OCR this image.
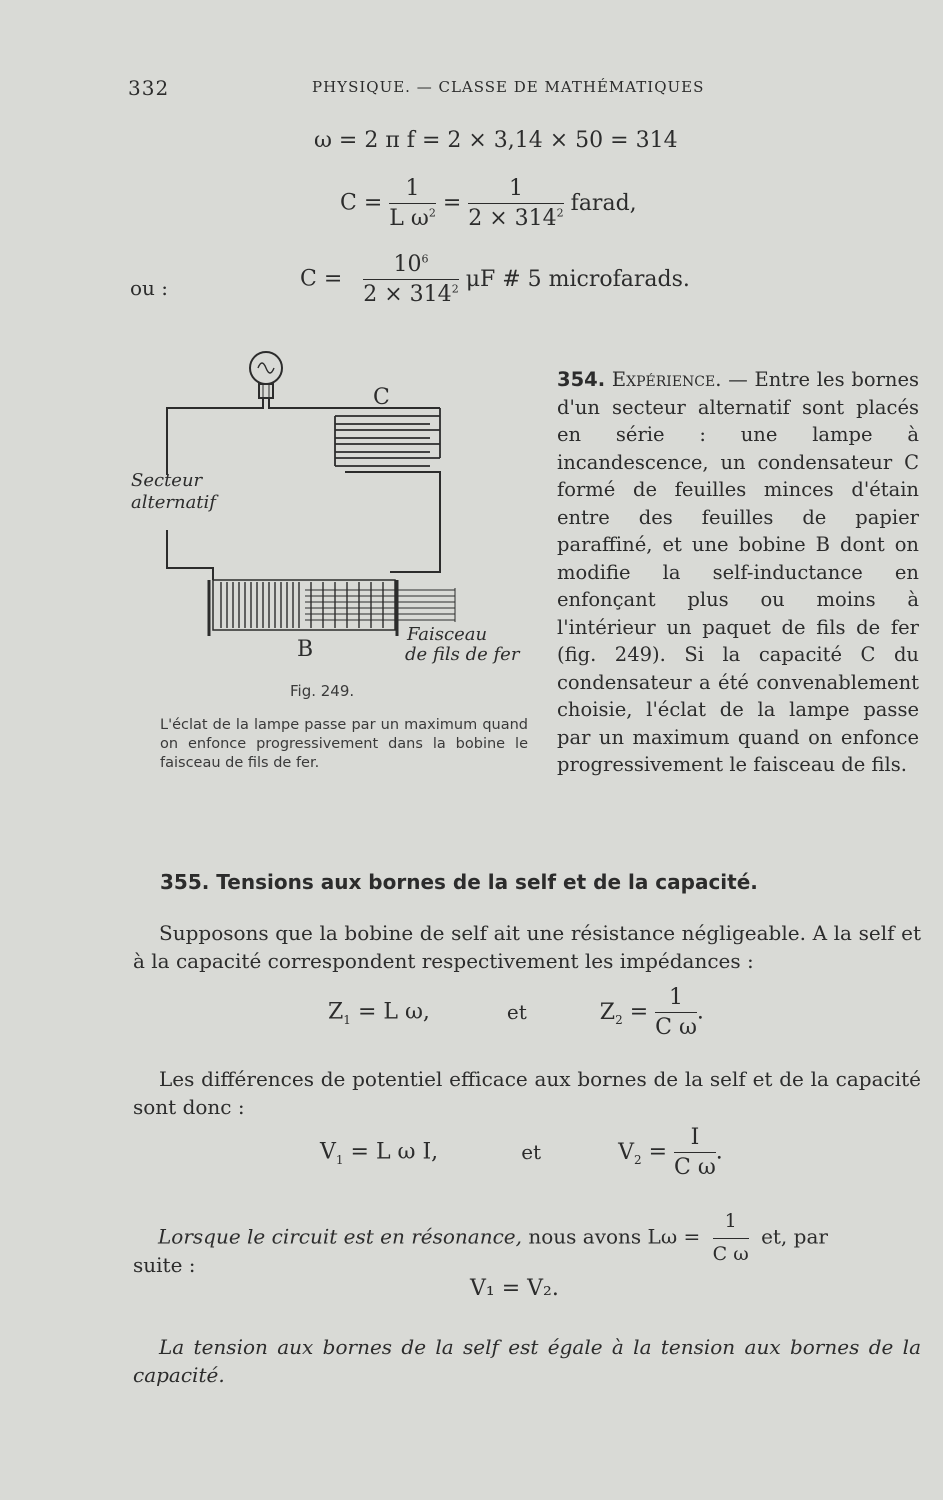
332	PHYSIQUE. — CLASSE DE MATHÉMATIQUES
ω = 2 π f = 2 × 3,14 × 50 = 314
$C = \frac{1}{L \omega^2} = \frac{1}{2 \times 314^2}$ farad,
ou :	$C = \frac{10^6}{2 \times 314^2}$ μF # 5 microfarads.
C
B
Secteur
alternatif
Faisceau
de fils de fer
Fig. 249.
L'éclat de la lampe passe par un maximum quand on enfonce progressivement dans la bobine le faisceau de fils de fer.
354. Expérience. — Entre les bornes d'un secteur alternatif sont placés en série : une lampe à incandescence, un condensateur C formé de feuilles minces d'étain entre des feuilles de papier paraffiné, et une bobine B dont on modifie la self-inductance en enfonçant plus ou moins à l'intérieur un paquet de fils de fer (fig. 249). Si la capacité C du condensateur a été convenablement choisie, l'éclat de la lampe passe par un maximum quand on enfonce progressivement le faisceau de fils.
355. Tensions aux bornes de la self et de la capacité.
Supposons que la bobine de self ait une résistance négligeable. A la self et à la capacité correspondent respectivement les impédances :
$Z_1 = L$ ω,	et	$Z_2 = \frac{1}{\text{C ω}}$ .
Les différences de potentiel efficace aux bornes de la self et de la capacité sont donc :
$V_1 = L$ ω I,	et	$V_2 = \frac{I}{\text{C ω}}$ .
Lorsque le circuit est en résonance, nous avons $L\omega = \frac{1}{\text{C ω}}$ et, par
suite :
V₁ = V₂.
La tension aux bornes de la self est égale à la tension aux bornes de la capacité.
